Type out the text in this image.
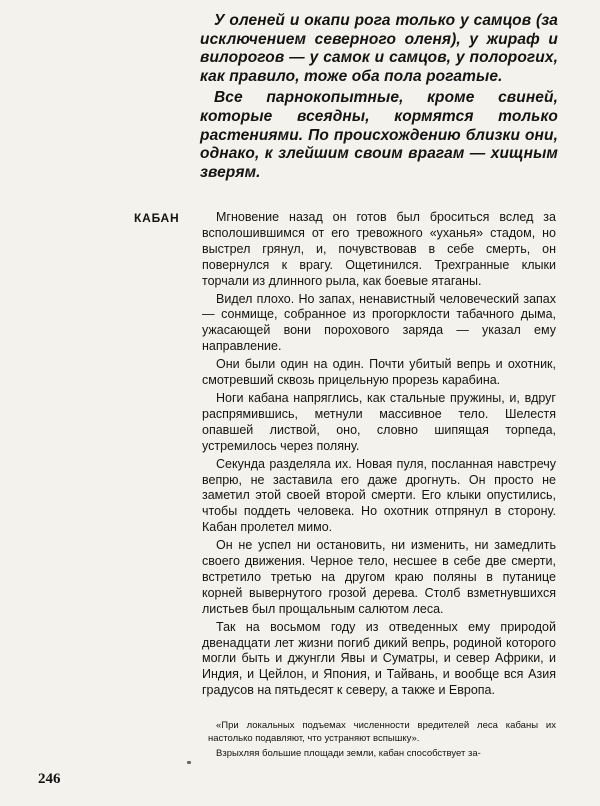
У оленей и окапи рога только у самцов (за исключением северного оленя), у жираф и вилорогов — у самок и самцов, у полорогих, как правило, тоже оба пола рогатые.

Все парнокопытные, кроме свиней, которые всеядны, кормятся только растениями. По происхождению близки они, однако, к злейшим своим врагам — хищным зверям.

КАБАН	Мгновение назад он готов был броситься вслед за всполошившимся от его тревожного «уханья» стадом, но выстрел грянул, и, почувствовав в себе смерть, он повернулся к врагу. Ощетинился. Трехгранные клыки торчали из длинного рыла, как боевые ятаганы.

Видел плохо. Но запах, ненавистный человеческий запах — сонмище, собранное из прогорклости табачного дыма, ужасающей вони порохового заряда — указал ему направление.

Они были один на один. Почти убитый вепрь и охотник, смотревший сквозь прицельную прорезь карабина.

Ноги кабана напряглись, как стальные пружины, и, вдруг распрямившись, метнули массивное тело. Шелестя опавшей листвой, оно, словно шипящая торпеда, устремилось через поляну.

Секунда разделяла их. Новая пуля, посланная навстречу вепрю, не заставила его даже дрогнуть. Он просто не заметил этой своей второй смерти. Его клыки опустились, чтобы поддеть человека. Но охотник отпрянул в сторону. Кабан пролетел мимо.

Он не успел ни остановить, ни изменить, ни замедлить своего движения. Черное тело, несшее в себе две смерти, встретило третью на другом краю поляны в путанице корней вывернутого грозой дерева. Столб взметнувшихся листьев был прощальным салютом леса.

Так на восьмом году из отведенных ему природой двенадцати лет жизни погиб дикий вепрь, родиной которого могли быть и джунгли Явы и Суматры, и север Африки, и Индия, и Цейлон, и Япония, и Тайвань, и вообще вся Азия градусов на пятьдесят к северу, а также и Европа.

«При локальных подъемах численности вредителей леса кабаны их настолько подавляют, что устраняют вспышку».

Взрыхляя большие площади земли, кабан способствует за-

246
